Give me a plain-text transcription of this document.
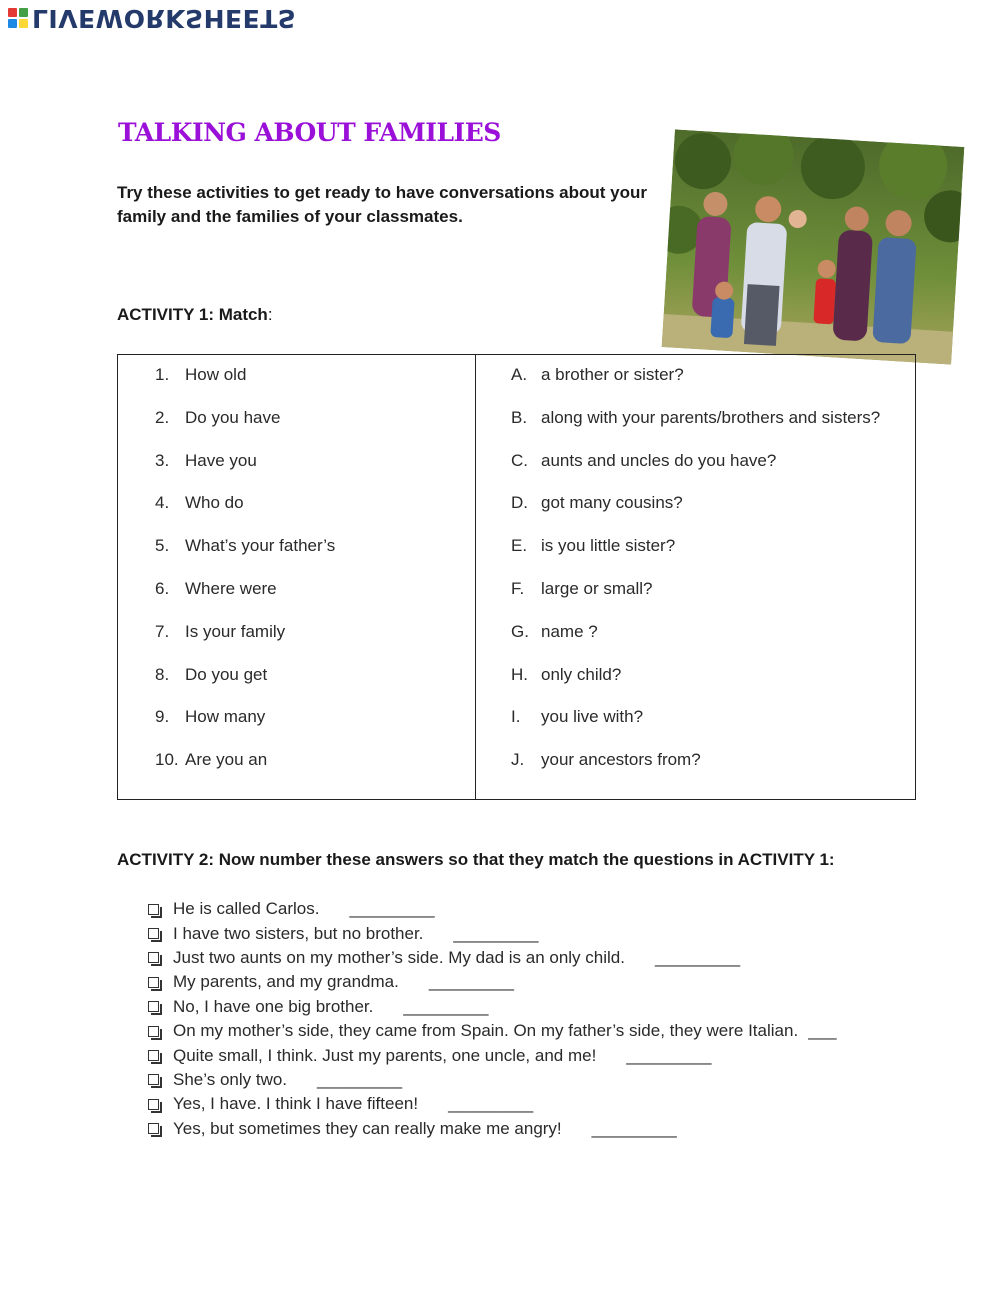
LIVEWORKSHEETS
TALKING ABOUT FAMILIES

Try these activities to get ready to have conversations about your family and the families of your classmates.

ACTIVITY 1: Match:

1. How old
2. Do you have
3. Have you
4. Who do
5. What’s your father’s
6. Where were
7. Is your family
8. Do you get
9. How many
10. Are you an
A. a brother or sister?
B. along with your parents/brothers and sisters?
C. aunts and uncles do you have?
D. got many cousins?
E. is you little sister?
F. large or small?
G. name ?
H. only child?
I. you live with?
J. your ancestors from?

ACTIVITY 2: Now number these answers so that they match the questions in ACTIVITY 1:

He is called Carlos. _________
I have two sisters, but no brother. _________
Just two aunts on my mother’s side. My dad is an only child. _________
My parents, and my grandma. _________
No, I have one big brother. _________
On my mother’s side, they came from Spain. On my father’s side, they were Italian. ___
Quite small, I think. Just my parents, one uncle, and me! _________
She’s only two. _________
Yes, I have. I think I have fifteen! _________
Yes, but sometimes they can really make me angry! _________
